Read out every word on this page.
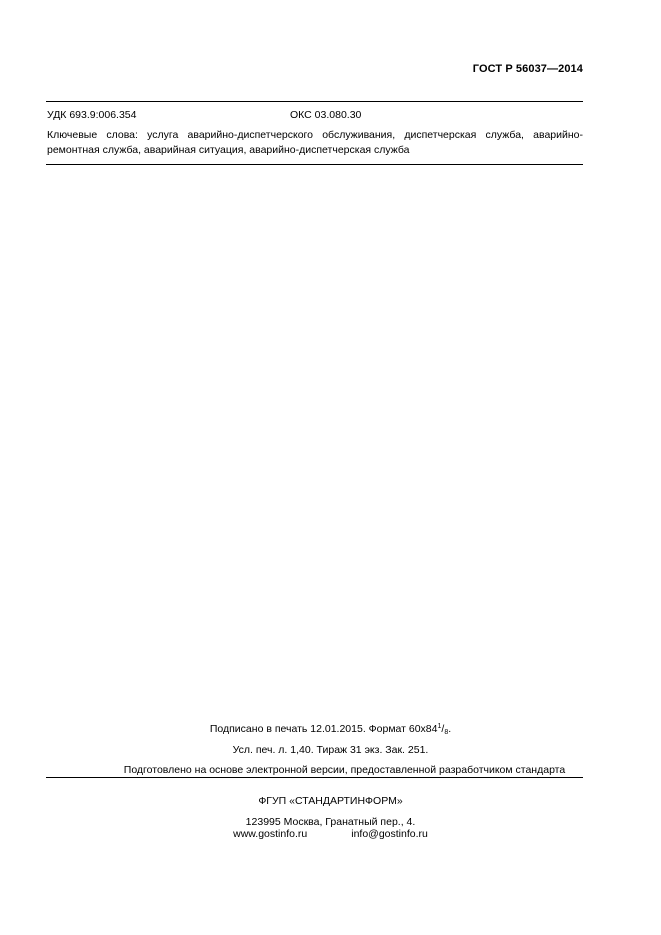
ГОСТ Р 56037—2014
УДК 693.9:006.354	ОКС 03.080.30
Ключевые слова: услуга аварийно-диспетчерского обслуживания, диспетчерская служба, аварийно-ремонтная служба, аварийная ситуация, аварийно-диспетчерская служба
Подписано в печать 12.01.2015. Формат $60х84^1/_8$.
Усл. печ. л. 1,40. Тираж 31 экз. Зак. 251.
Подготовлено на основе электронной версии, предоставленной разработчиком стандарта
ФГУП «СТАНДАРТИНФОРМ»
123995 Москва, Гранатный пер., 4.
www.gostinfo.ru	info@gostinfo.ru
